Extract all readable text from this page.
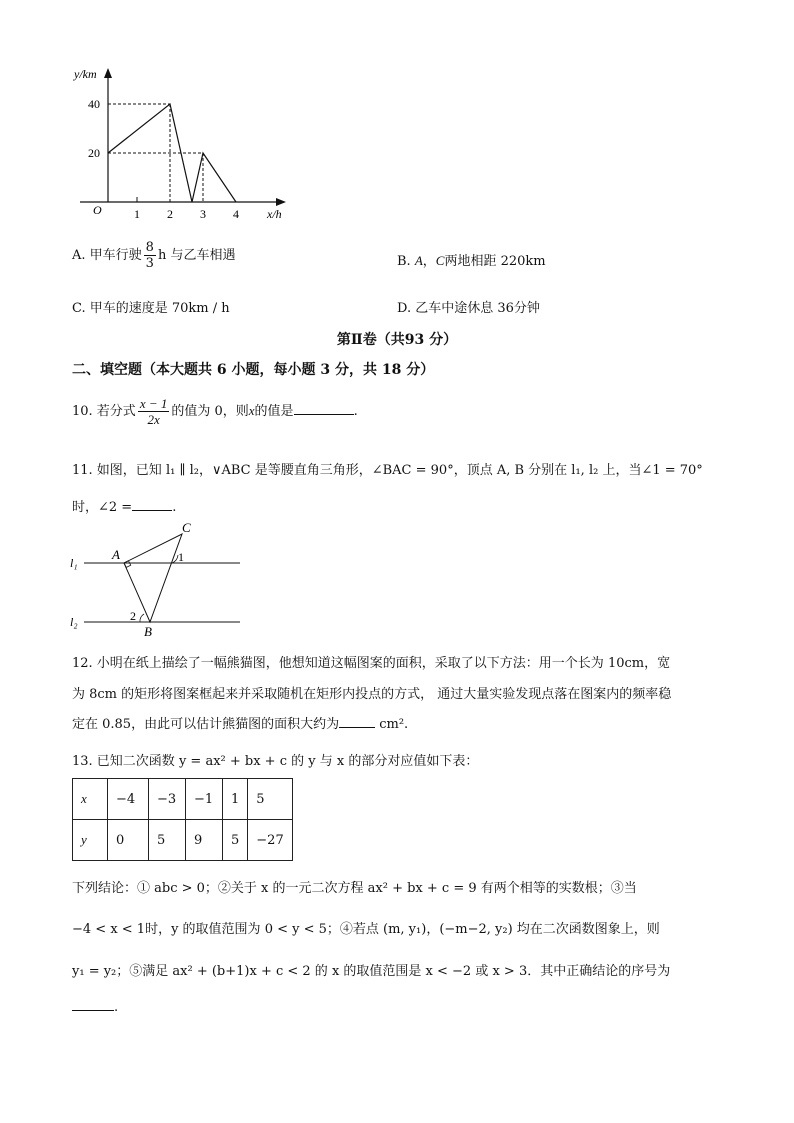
y/km
40
20
O	1 2 3 4 x/h
A. 甲车行驶 $\frac{8}{3}$ h 与乙车相遇	B. A，C两地相距 220km
C. 甲车的速度是 70km / h	D. 乙车中途休息 36分钟
第Ⅱ卷（共93 分）
二、填空题（本大题共 6 小题，每小题 3 分，共 18 分）
10. 若分式 $\frac{x - 1}{2x}$ 的值为 0，则x的值是	.
11. 如图，已知 l₁ ∥ l₂，∨ABC 是等腰直角三角形，∠BAC = 90°，顶点 A, B 分别在 l₁, l₂ 上，当∠1 = 70°
时，∠2 =	.
l₁
l₂
A
C
B
1
2
12. 小明在纸上描绘了一幅熊猫图，他想知道这幅图案的面积，采取了以下方法：用一个长为 10cm，宽
为 8cm 的矩形将图案框起来并采取随机在矩形内投点的方式， 通过大量实验发现点落在图案内的频率稳
定在 0.85，由此可以估计熊猫图的面积大约为	cm².
13. 已知二次函数 y = ax² + bx + c 的 y 与 x 的部分对应值如下表：
x	−4	−3	−1	1	5
y	0	5	9	5	−27
下列结论：① abc > 0；②关于 x 的一元二次方程 ax² + bx + c = 9 有两个相等的实数根；③当
−4 < x < 1时，y 的取值范围为 0 < y < 5；④若点 (m, y₁)，(−m−2, y₂) 均在二次函数图象上，则
y₁ = y₂；⑤满足 ax² + (b+1)x + c < 2 的 x 的取值范围是 x < −2 或 x > 3．其中正确结论的序号为
.
